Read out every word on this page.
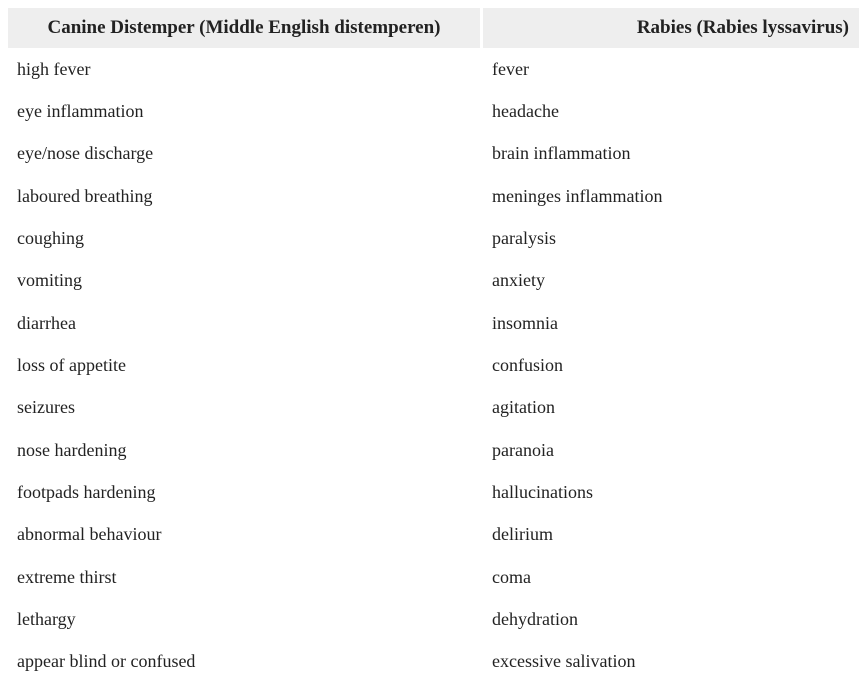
Canine Distemper (Middle English distemperen)	Rabies (Rabies lyssavirus)
high fever	fever
eye inflammation	headache
eye/nose discharge	brain inflammation
laboured breathing	meninges inflammation
coughing	paralysis
vomiting	anxiety
diarrhea	insomnia
loss of appetite	confusion
seizures	agitation
nose hardening	paranoia
footpads hardening	hallucinations
abnormal behaviour	delirium
extreme thirst	coma
lethargy	dehydration
appear blind or confused	excessive salivation
